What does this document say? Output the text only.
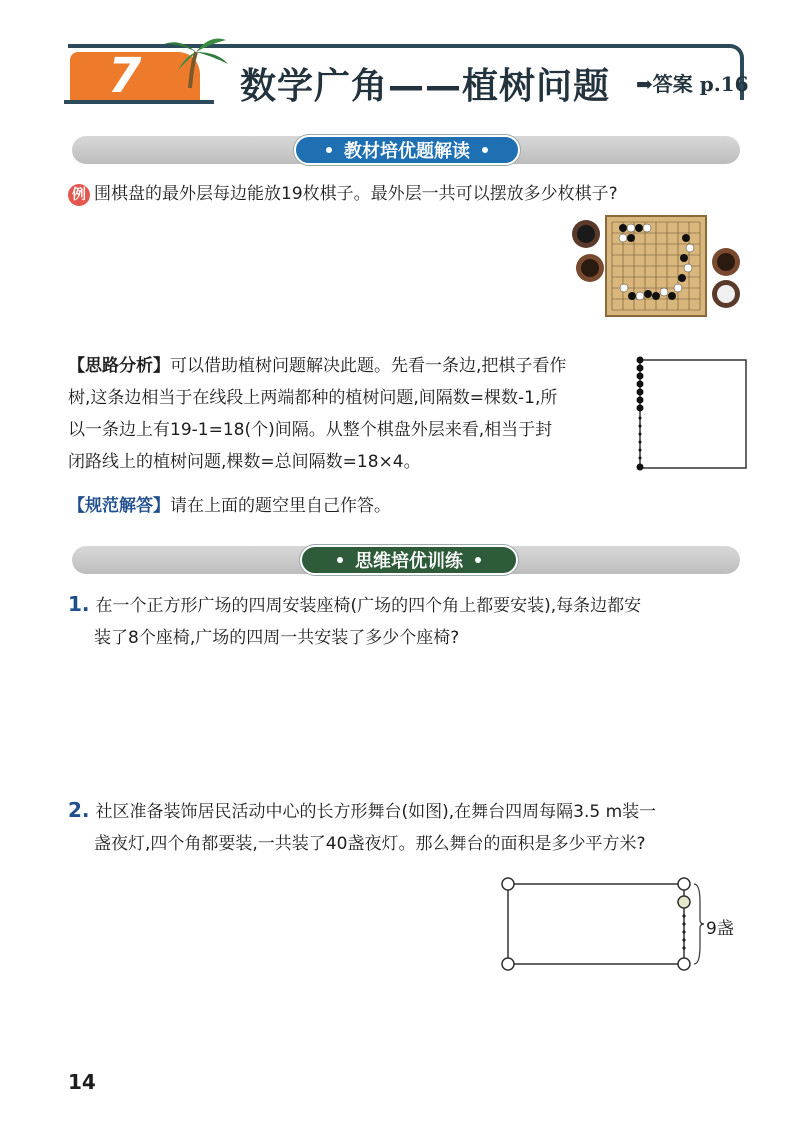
7	数学广角——植树问题 ➡答案 p.16
教材培优题解读
例 围棋盘的最外层每边能放19枚棋子。最外层一共可以摆放多少枚棋子?
【思路分析】可以借助植树问题解决此题。先看一条边,把棋子看作
树,这条边相当于在线段上两端都种的植树问题,间隔数=棵数-1,所
以一条边上有19-1=18(个)间隔。从整个棋盘外层来看,相当于封
闭路线上的植树问题,棵数=总间隔数=18×4。
【规范解答】请在上面的题空里自己作答。
思维培优训练
1. 在一个正方形广场的四周安装座椅(广场的四个角上都要安装),每条边都安
装了8个座椅,广场的四周一共安装了多少个座椅?
2. 社区准备装饰居民活动中心的长方形舞台(如图),在舞台四周每隔3.5 m装一
盏夜灯,四个角都要装,一共装了40盏夜灯。那么舞台的面积是多少平方米?
9盏
14
